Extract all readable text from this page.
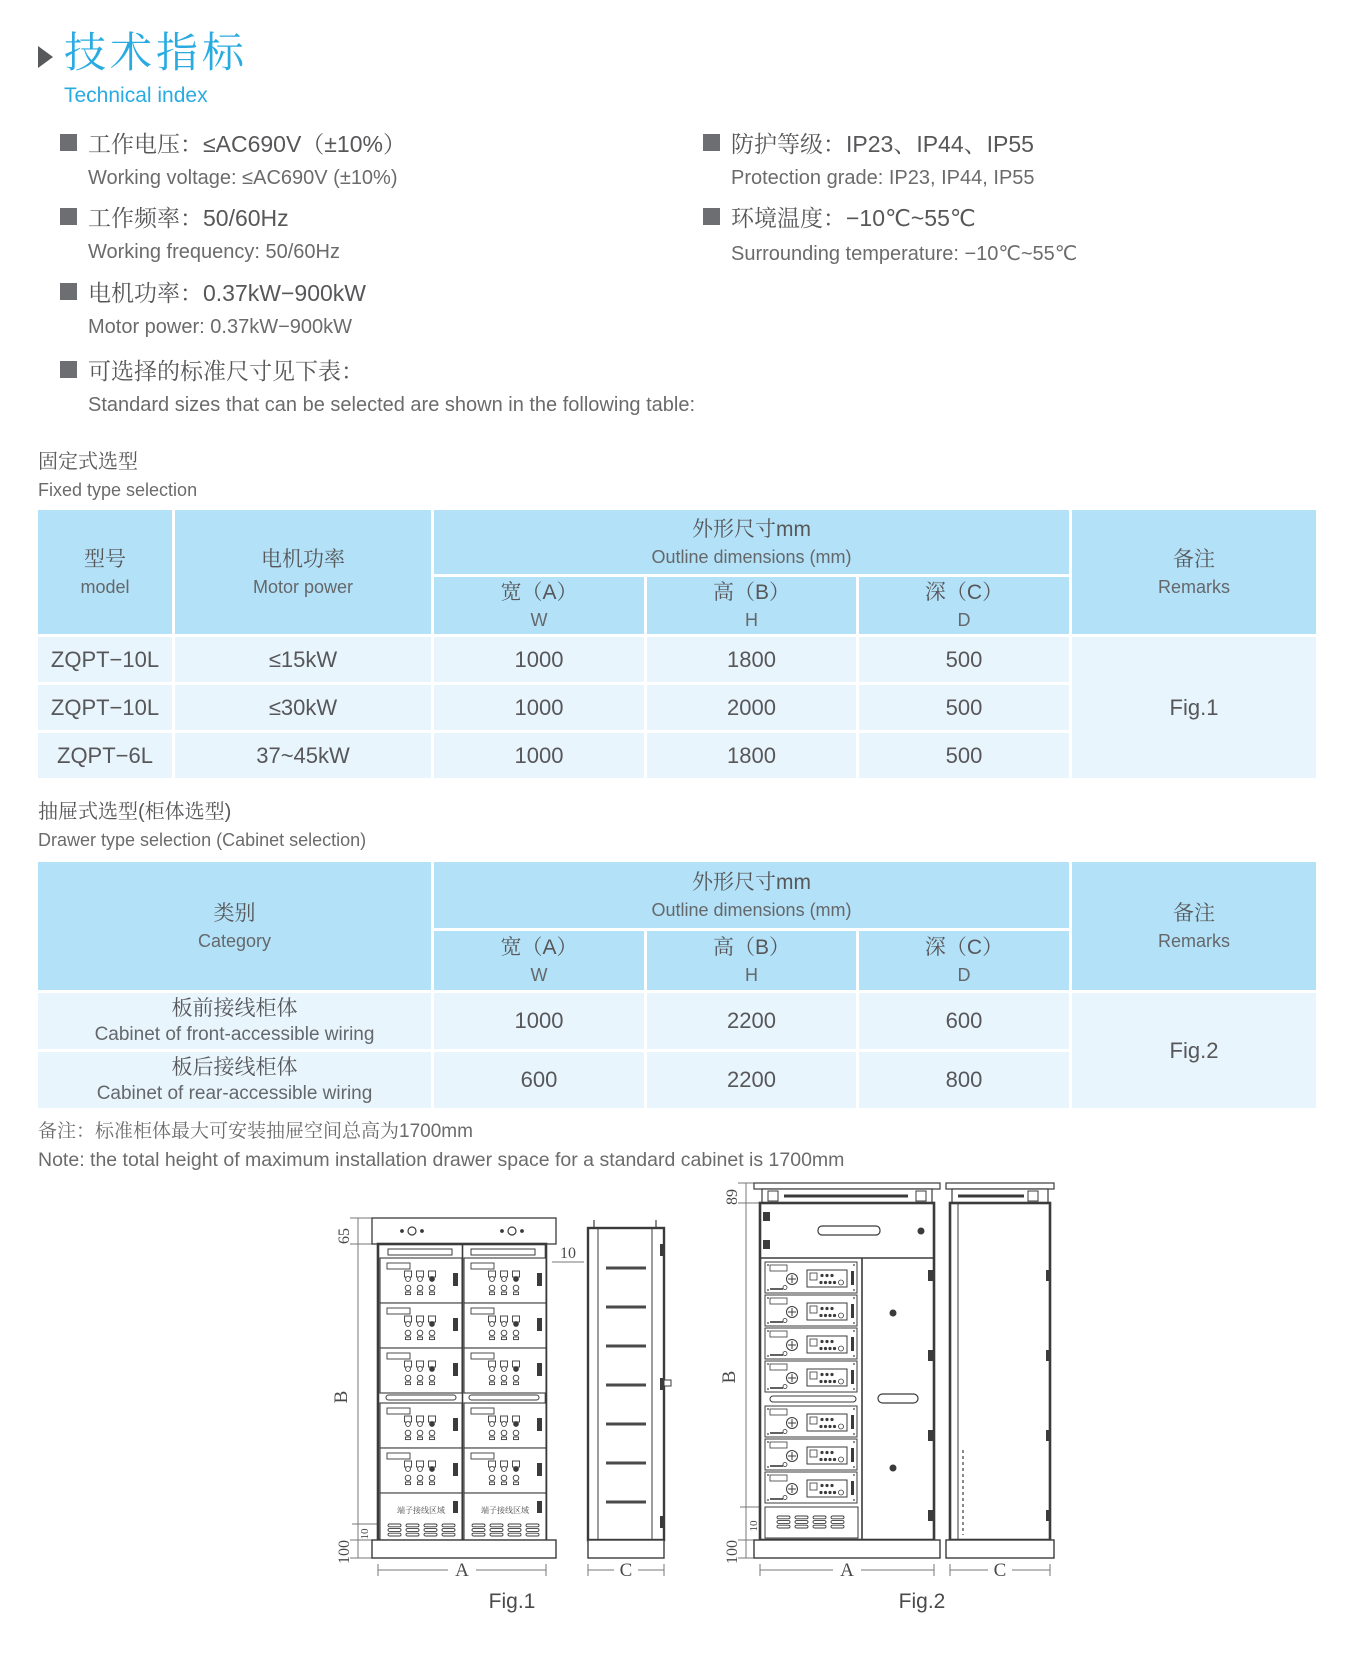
技术指标
Technical index
工作电压：≤AC690V（±10%）
Working voltage: ≤AC690V (±10%)
工作频率：50/60Hz
Working frequency: 50/60Hz
电机功率：0.37kW−900kW
Motor power: 0.37kW−900kW
防护等级：IP23、IP44、IP55
Protection grade: IP23, IP44, IP55
环境温度：−10℃~55℃
Surrounding temperature: −10℃~55℃
可选择的标准尺寸见下表：
Standard sizes that can be selected are shown in the following table:
固定式选型
Fixed type selection
型号
model	电机功率
Motor power	外形尺寸mm
Outline dimensions (mm)			备注
Remarks

		宽（A）
W	高（B）
H	深（C）
D	

ZQPT−10L	≤15kW	1000	1800	500	Fig.1
ZQPT−10L	≤30kW	1000	2000	500	
ZQPT−6L	37~45kW	1000	1800	500	
抽屉式选型(柜体选型)
Drawer type selection (Cabinet selection)
类别
Category	外形尺寸mm
Outline dimensions (mm)			备注
Remarks

	宽（A）
W	高（B）
H	深（C）
D	

板前接线柜体
Cabinet of front-accessible wiring	1000	2200	600	Fig.2

板后接线柜体
Cabinet of rear-accessible wiring	600	2200	800	
备注：标准柜体最大可安装抽屉空间总高为1700mm
Note: the total height of maximum installation drawer space for a standard cabinet is 1700mm
端子接线区域
65
B
10
100
10
A	C
Fig.1
89
B
10
100
A	C
Fig.2
